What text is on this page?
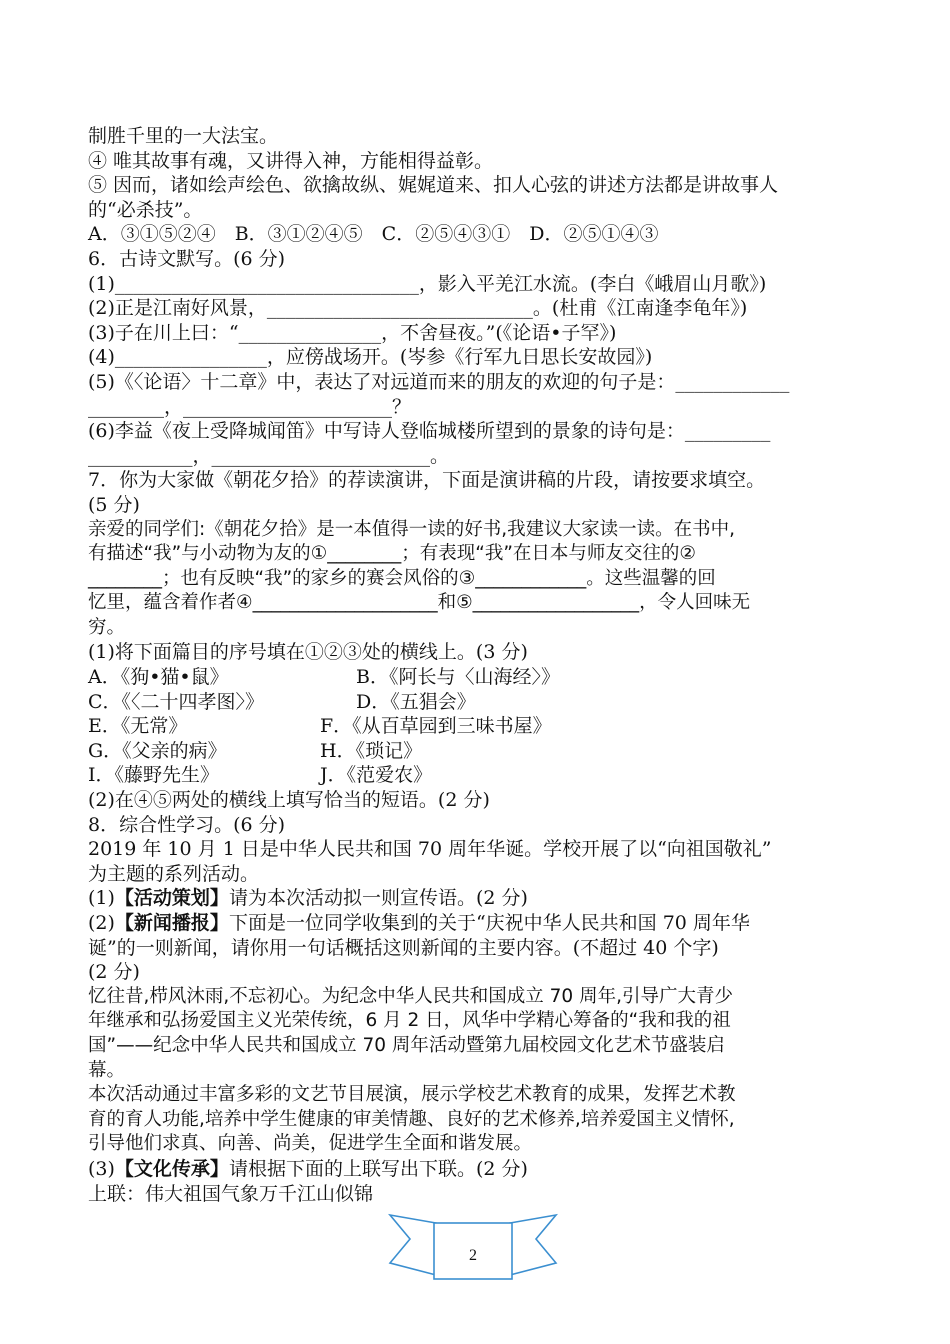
制胜千里的一大法宝。
④ 唯其故事有魂，又讲得入神，方能相得益彰。
⑤ 因而，诸如绘声绘色、欲擒故纵、娓娓道来、扣人心弦的讲述方法都是讲故事人
的“必杀技”。
A．③①⑤②④　B．③①②④⑤　C．②⑤④③①　D．②⑤①④③
6．古诗文默写。(6 分)
(1)________________________________，影入平羌江水流。(李白《峨眉山月歌》)
(2)正是江南好风景，____________________________。(杜甫《江南逢李龟年》)
(3)子在川上曰：“_______________，不舍昼夜。”(《论语•子罕》)
(4)________________，应傍战场开。(岑参《行军九日思长安故园》)
(5)《〈论语〉十二章》中，表达了对远道而来的朋友的欢迎的句子是：____________
________，______________________？
(6)李益《夜上受降城闻笛》中写诗人登临城楼所望到的景象的诗句是：_________
___________，_______________________。
7．你为大家做《朝花夕拾》的荐读演讲，下面是演讲稿的片段，请按要求填空。
(5 分)
亲爱的同学们:《朝花夕拾》是一本值得一读的好书,我建议大家读一读。在书中,
有描述“我”与小动物为友的①________；有表现“我”在日本与师友交往的②
________；也有反映“我”的家乡的赛会风俗的③____________。这些温馨的回
忆里，蕴含着作者④____________________和⑤__________________，令人回味无
穷。
(1)将下面篇目的序号填在①②③处的横线上。(3 分)
A．《狗•猫•鼠》	B．《阿长与〈山海经〉》
C．《〈二十四孝图〉》	D．《五猖会》
E．《无常》	F．《从百草园到三味书屋》
G．《父亲的病》	H．《琐记》
I．《藤野先生》	J．《范爱农》
(2)在④⑤两处的横线上填写恰当的短语。(2 分)
8．综合性学习。(6 分)
2019 年 10 月 1 日是中华人民共和国 70 周年华诞。学校开展了以“向祖国敬礼”
为主题的系列活动。
(1)【活动策划】请为本次活动拟一则宣传语。(2 分)
(2)【新闻播报】下面是一位同学收集到的关于“庆祝中华人民共和国 70 周年华
诞”的一则新闻，请你用一句话概括这则新闻的主要内容。(不超过 40 个字)
(2 分)
忆往昔,栉风沐雨,不忘初心。为纪念中华人民共和国成立 70 周年,引导广大青少
年继承和弘扬爱国主义光荣传统，6 月 2 日，风华中学精心筹备的“我和我的祖
国”——纪念中华人民共和国成立 70 周年活动暨第九届校园文化艺术节盛装启
幕。
本次活动通过丰富多彩的文艺节目展演，展示学校艺术教育的成果，发挥艺术教
育的育人功能,培养中学生健康的审美情趣、良好的艺术修养,培养爱国主义情怀,
引导他们求真、向善、尚美，促进学生全面和谐发展。
(3)【文化传承】请根据下面的上联写出下联。(2 分)
上联：伟大祖国气象万千江山似锦
2
